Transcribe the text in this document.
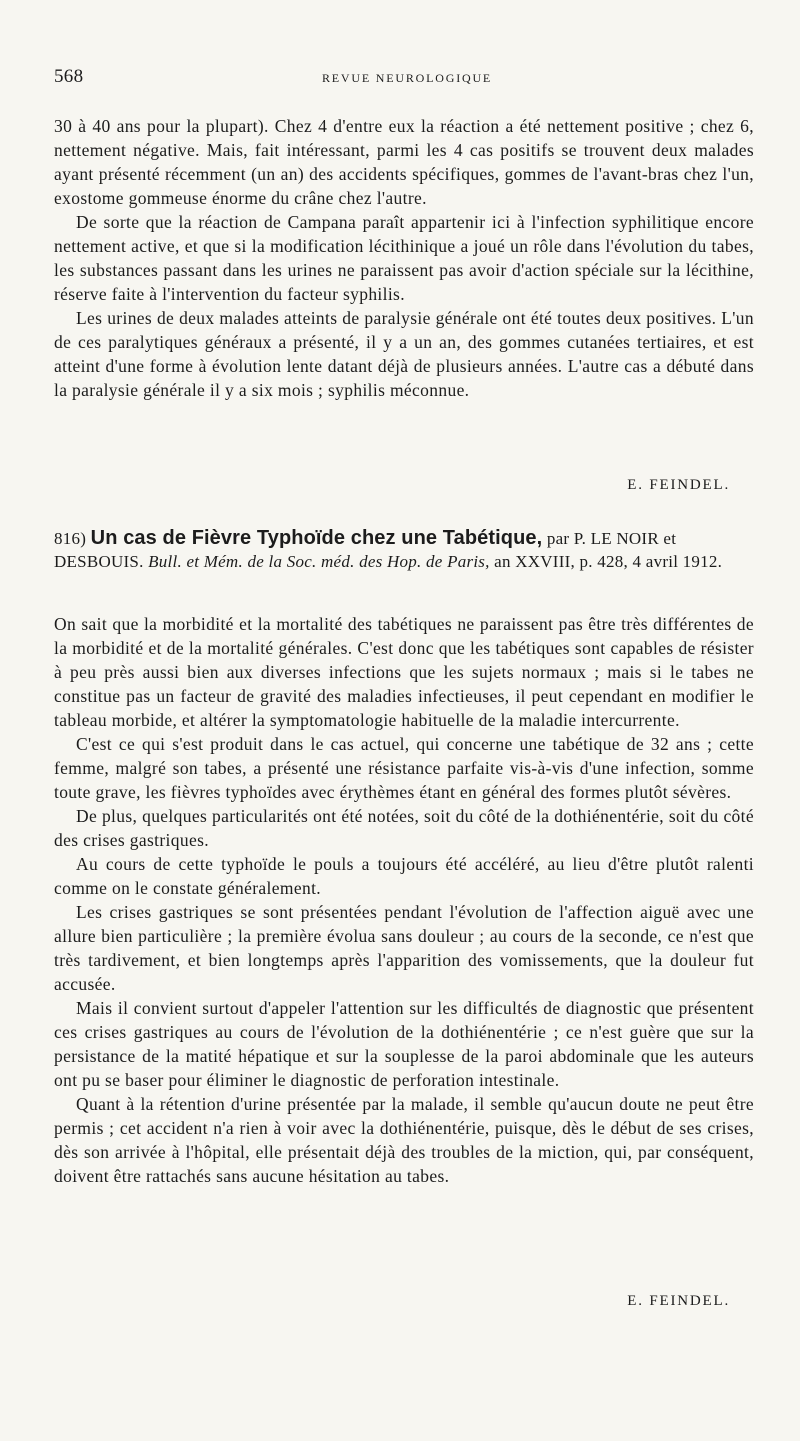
568	REVUE NEUROLOGIQUE

30 à 40 ans pour la plupart). Chez 4 d'entre eux la réaction a été nettement positive ; chez 6, nettement négative. Mais, fait intéressant, parmi les 4 cas positifs se trouvent deux malades ayant présenté récemment (un an) des accidents spécifiques, gommes de l'avant-bras chez l'un, exostome gommeuse énorme du crâne chez l'autre.

De sorte que la réaction de Campana paraît appartenir ici à l'infection syphilitique encore nettement active, et que si la modification lécithinique a joué un rôle dans l'évolution du tabes, les substances passant dans les urines ne paraissent pas avoir d'action spéciale sur la lécithine, réserve faite à l'intervention du facteur syphilis.

Les urines de deux malades atteints de paralysie générale ont été toutes deux positives. L'un de ces paralytiques généraux a présenté, il y a un an, des gommes cutanées tertiaires, et est atteint d'une forme à évolution lente datant déjà de plusieurs années. L'autre cas a débuté dans la paralysie générale il y a six mois ; syphilis méconnue.

E. FEINDEL.
816) Un cas de Fièvre Typhoïde chez une Tabétique, par P. LE NOIR et DESBOUIS. Bull. et Mém. de la Soc. méd. des Hop. de Paris, an XXVIII, p. 428, 4 avril 1912.

On sait que la morbidité et la mortalité des tabétiques ne paraissent pas être très différentes de la morbidité et de la mortalité générales. C'est donc que les tabétiques sont capables de résister à peu près aussi bien aux diverses infections que les sujets normaux ; mais si le tabes ne constitue pas un facteur de gravité des maladies infectieuses, il peut cependant en modifier le tableau morbide, et altérer la symptomatologie habituelle de la maladie intercurrente.

C'est ce qui s'est produit dans le cas actuel, qui concerne une tabétique de 32 ans ; cette femme, malgré son tabes, a présenté une résistance parfaite vis-à-vis d'une infection, somme toute grave, les fièvres typhoïdes avec érythèmes étant en général des formes plutôt sévères.

De plus, quelques particularités ont été notées, soit du côté de la dothiénentérie, soit du côté des crises gastriques.

Au cours de cette typhoïde le pouls a toujours été accéléré, au lieu d'être plutôt ralenti comme on le constate généralement.

Les crises gastriques se sont présentées pendant l'évolution de l'affection aiguë avec une allure bien particulière ; la première évolua sans douleur ; au cours de la seconde, ce n'est que très tardivement, et bien longtemps après l'apparition des vomissements, que la douleur fut accusée.

Mais il convient surtout d'appeler l'attention sur les difficultés de diagnostic que présentent ces crises gastriques au cours de l'évolution de la dothiénentérie ; ce n'est guère que sur la persistance de la matité hépatique et sur la souplesse de la paroi abdominale que les auteurs ont pu se baser pour éliminer le diagnostic de perforation intestinale.

Quant à la rétention d'urine présentée par la malade, il semble qu'aucun doute ne peut être permis ; cet accident n'a rien à voir avec la dothiénentérie, puisque, dès le début de ses crises, dès son arrivée à l'hôpital, elle présentait déjà des troubles de la miction, qui, par conséquent, doivent être rattachés sans aucune hésitation au tabes.

E. FEINDEL.
